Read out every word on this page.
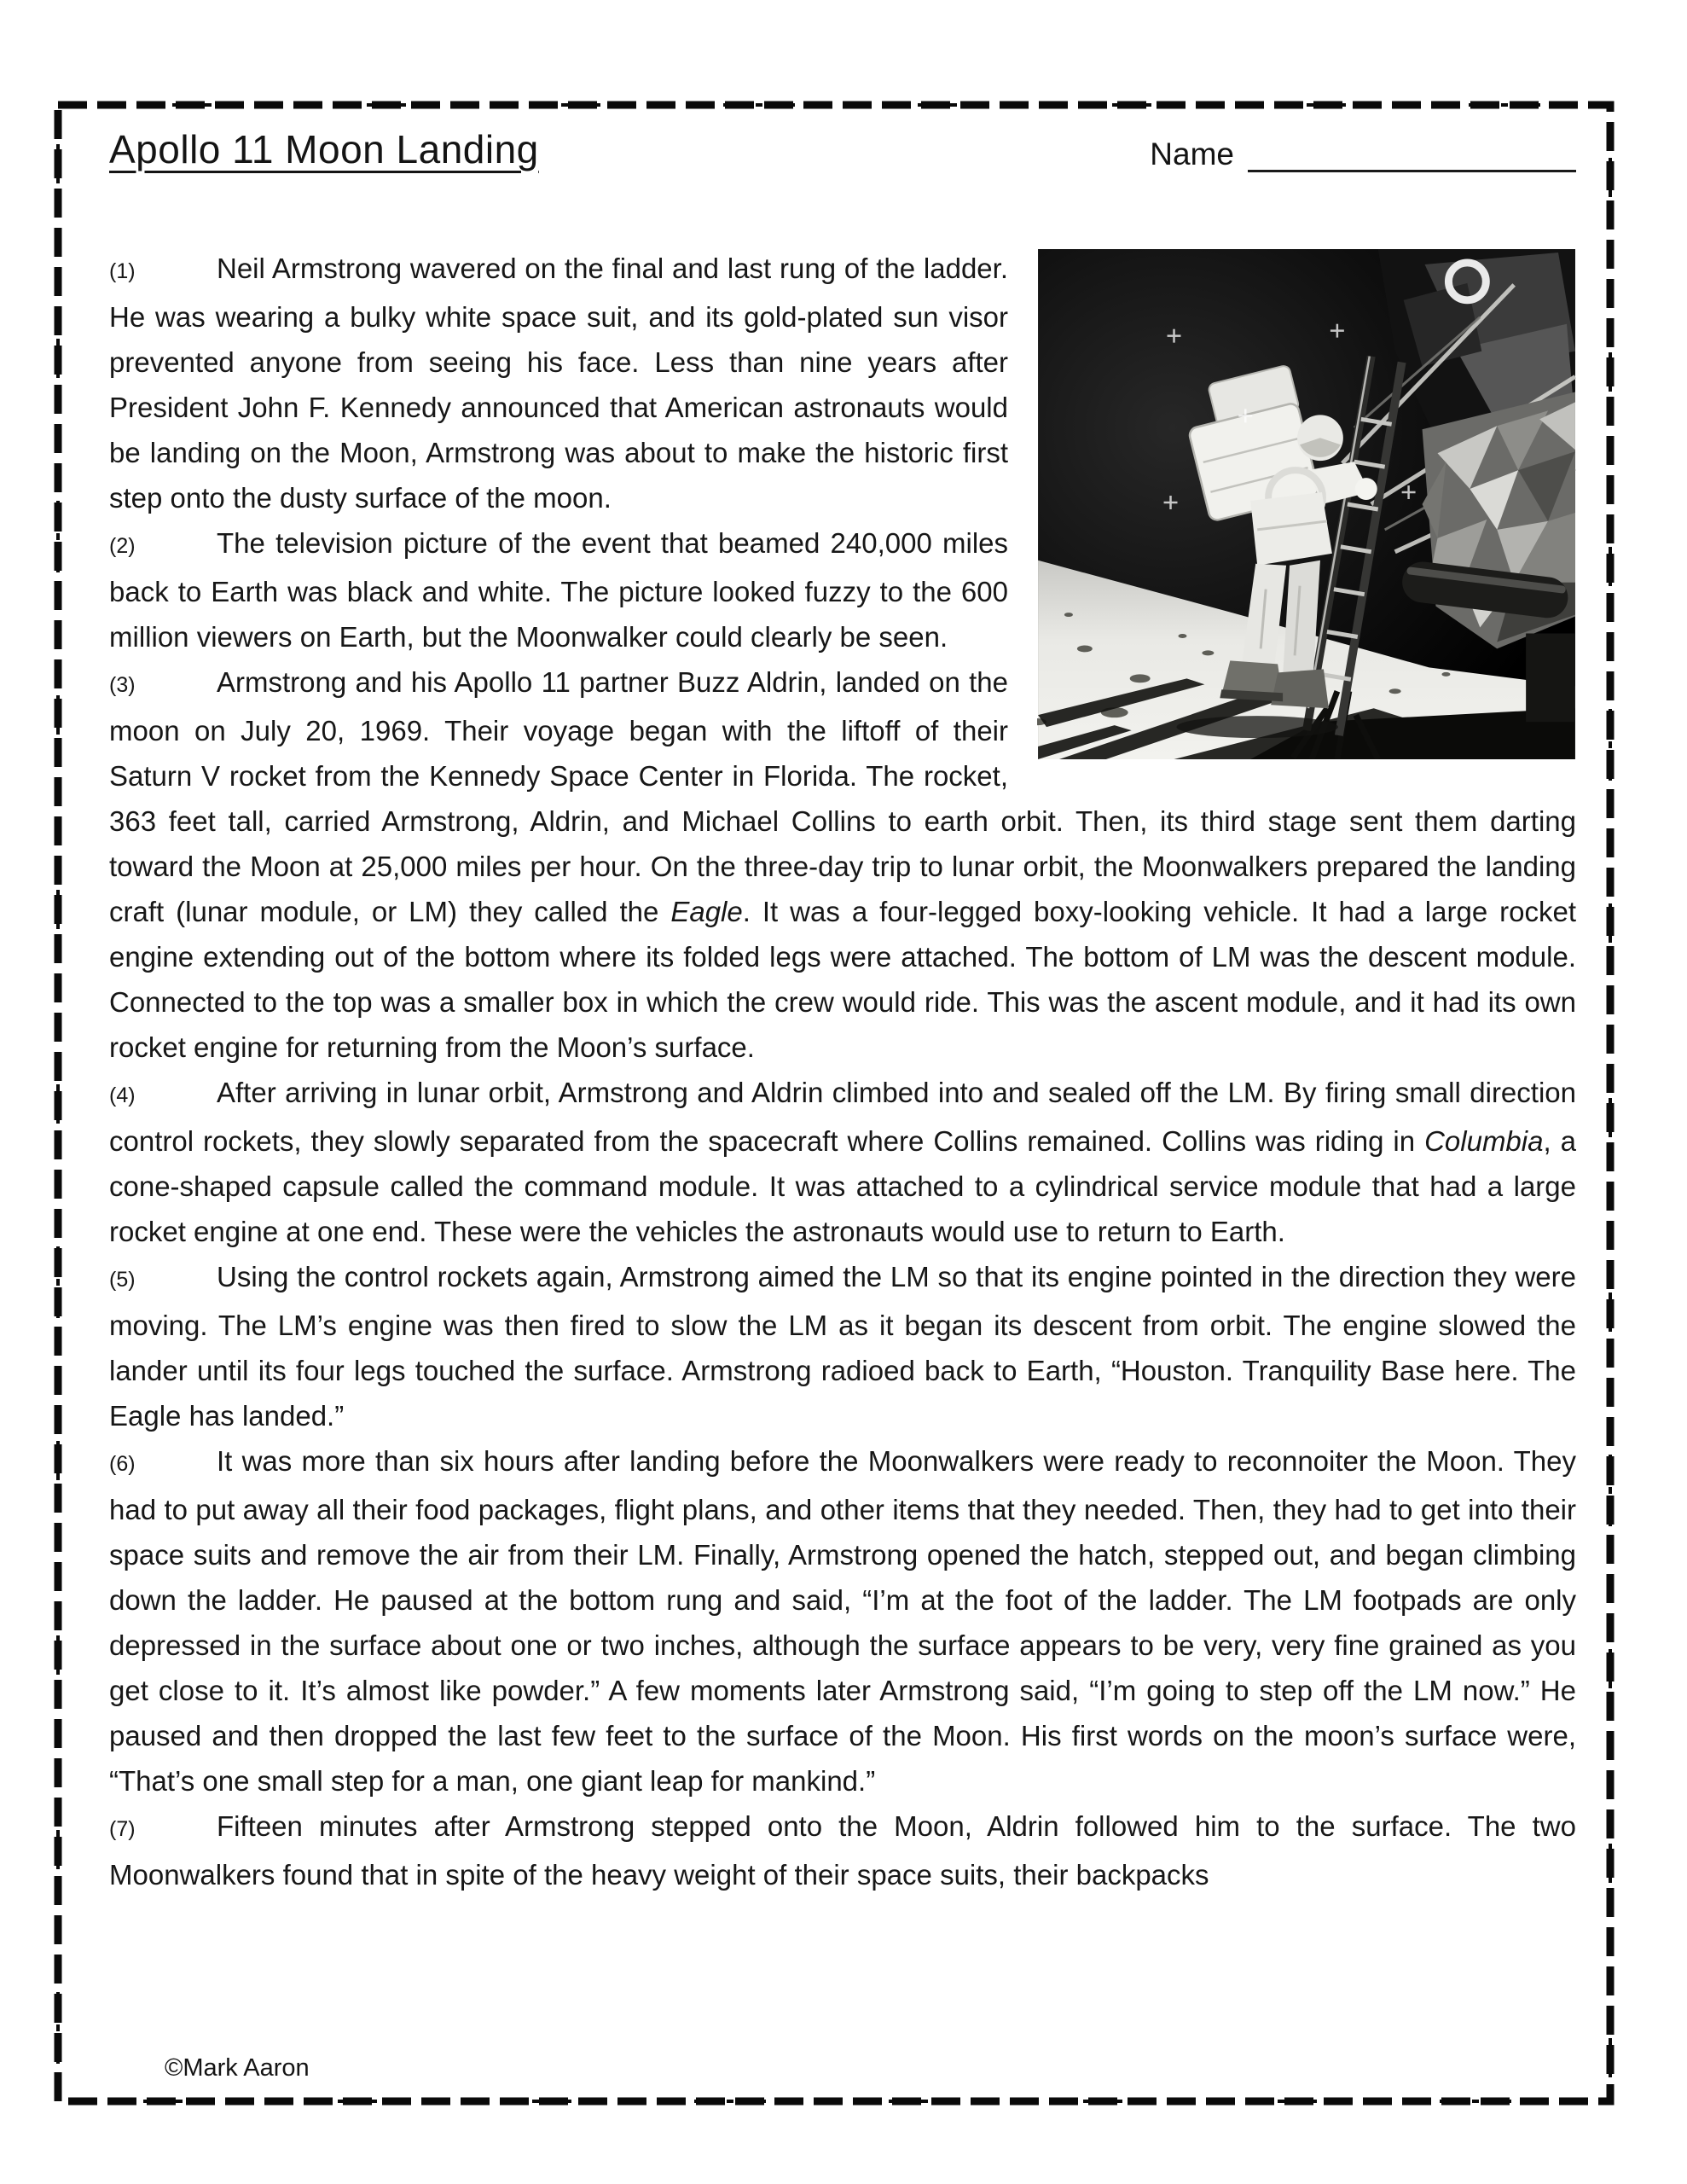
Apollo 11 Moon Landing	Name

(1)	Neil Armstrong wavered on the final and last rung of the ladder. He was wearing a bulky white space suit, and its gold-plated sun visor prevented anyone from seeing his face. Less than nine years after President John F. Kennedy announced that American astronauts would be landing on the Moon, Armstrong was about to make the historic first step onto the dusty surface of the moon.

(2)	The television picture of the event that beamed 240,000 miles back to Earth was black and white. The picture looked fuzzy to the 600 million viewers on Earth, but the Moonwalker could clearly be seen.

(3)	Armstrong and his Apollo 11 partner Buzz Aldrin, landed on the moon on July 20, 1969. Their voyage began with the liftoff of their Saturn V rocket from the Kennedy Space Center in Florida. The rocket, 363 feet tall, carried Armstrong, Aldrin, and Michael Collins to earth orbit. Then, its third stage sent them darting toward the Moon at 25,000 miles per hour. On the three-day trip to lunar orbit, the Moonwalkers prepared the landing craft (lunar module, or LM) they called the Eagle. It was a four-legged boxy-looking vehicle. It had a large rocket engine extending out of the bottom where its folded legs were attached. The bottom of LM was the descent module. Connected to the top was a smaller box in which the crew would ride. This was the ascent module, and it had its own rocket engine for returning from the Moon’s surface.

(4)	After arriving in lunar orbit, Armstrong and Aldrin climbed into and sealed off the LM. By firing small direction control rockets, they slowly separated from the spacecraft where Collins remained. Collins was riding in Columbia, a cone-shaped capsule called the command module. It was attached to a cylindrical service module that had a large rocket engine at one end. These were the vehicles the astronauts would use to return to Earth.

(5)	Using the control rockets again, Armstrong aimed the LM so that its engine pointed in the direction they were moving. The LM’s engine was then fired to slow the LM as it began its descent from orbit. The engine slowed the lander until its four legs touched the surface. Armstrong radioed back to Earth, “Houston. Tranquility Base here. The Eagle has landed.”

(6)	It was more than six hours after landing before the Moonwalkers were ready to reconnoiter the Moon. They had to put away all their food packages, flight plans, and other items that they needed. Then, they had to get into their space suits and remove the air from their LM. Finally, Armstrong opened the hatch, stepped out, and began climbing down the ladder. He paused at the bottom rung and said, “I’m at the foot of the ladder. The LM footpads are only depressed in the surface about one or two inches, although the surface appears to be very, very fine grained as you get close to it. It’s almost like powder.” A few moments later Armstrong said, “I’m going to step off the LM now.” He paused and then dropped the last few feet to the surface of the Moon. His first words on the moon’s surface were, “That’s one small step for a man, one giant leap for mankind.”

(7)	Fifteen minutes after Armstrong stepped onto the Moon, Aldrin followed him to the surface. The two Moonwalkers found that in spite of the heavy weight of their space suits, their backpacks

©Mark Aaron
